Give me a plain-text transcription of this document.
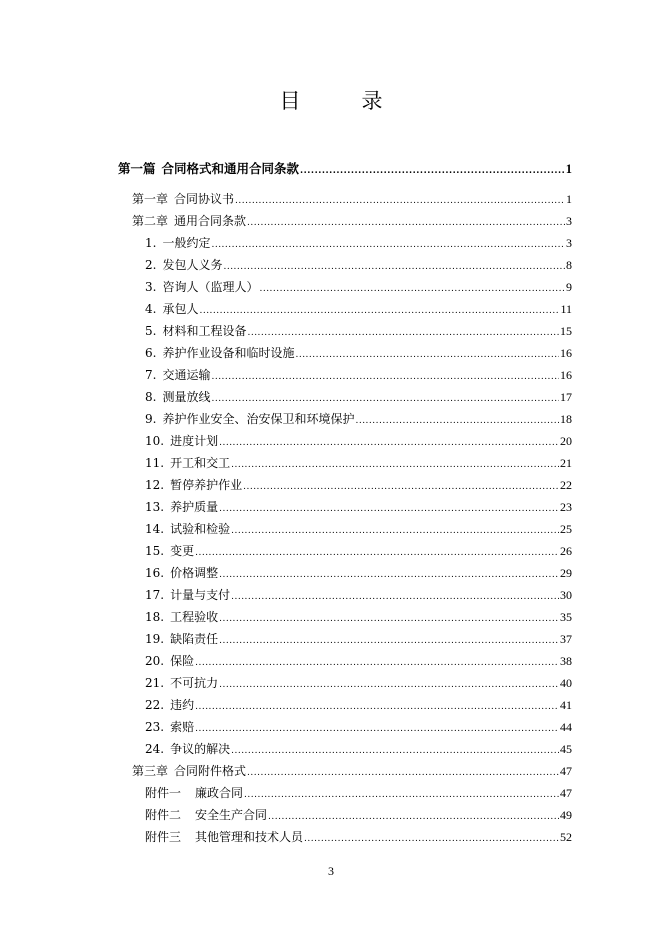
目　录
第一篇 合同格式和通用合同条款 .....	1
第一章 合同协议书 .....	1
第二章 通用合同条款 .....	3
1. 一般约定 .....	3
2. 发包人义务 .....	8
3. 咨询人（监理人） .....	9
4. 承包人 .....	11
5. 材料和工程设备 .....	15
6. 养护作业设备和临时设施 .....	16
7. 交通运输 .....	16
8. 测量放线 .....	17
9. 养护作业安全、治安保卫和环境保护 .....	18
10. 进度计划 .....	20
11. 开工和交工 .....	21
12. 暂停养护作业 .....	22
13. 养护质量 .....	23
14. 试验和检验 .....	25
15. 变更 .....	26
16. 价格调整 .....	29
17. 计量与支付 .....	30
18. 工程验收 .....	35
19. 缺陷责任 .....	37
20. 保险 .....	38
21. 不可抗力 .....	40
22. 违约 .....	41
23. 索赔 .....	44
24. 争议的解决 .....	45
第三章 合同附件格式 .....	47
附件一 廉政合同 .....	47
附件二 安全生产合同 .....	49
附件三 其他管理和技术人员 .....	52
3
